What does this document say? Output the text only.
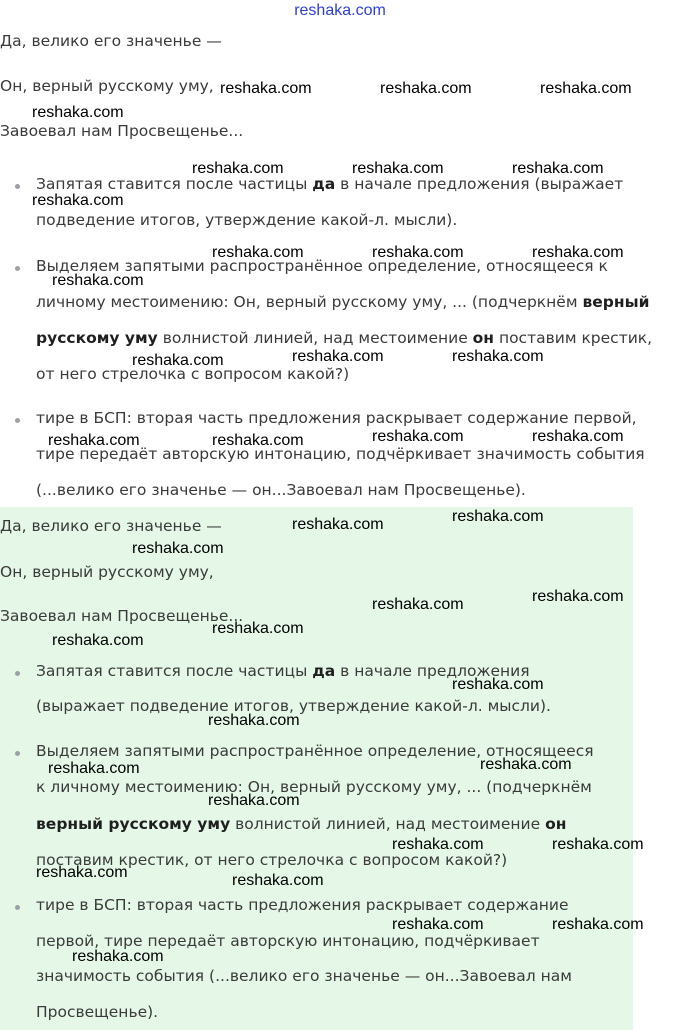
reshaka.com
Да, велико его значенье —
Он, верный русскому уму,
Завоевал нам Просвещенье...
Запятая ставится после частицы да в начале предложения (выражает
подведение итогов, утверждение какой-л. мысли).
Выделяем запятыми распространённое определение, относящееся к
личному местоимению: Он, верный русскому уму, ... (подчеркнём верный
русскому уму волнистой линией, над местоимение он поставим крестик,
от него стрелочка с вопросом какой?)
тире в БСП: вторая часть предложения раскрывает содержание первой,
тире передаёт авторскую интонацию, подчёркивает значимость события
(...велико его значенье — он...Завоевал нам Просвещенье).
Да, велико его значенье —
Он, верный русскому уму,
Завоевал нам Просвещенье...
Запятая ставится после частицы да в начале предложения
(выражает подведение итогов, утверждение какой-л. мысли).
Выделяем запятыми распространённое определение, относящееся
к личному местоимению: Он, верный русскому уму, ... (подчеркнём
верный русскому уму волнистой линией, над местоимение он
поставим крестик, от него стрелочка с вопросом какой?)
тире в БСП: вторая часть предложения раскрывает содержание
первой, тире передаёт авторскую интонацию, подчёркивает
значимость события (...велико его значенье — он...Завоевал нам
Просвещенье).
reshaka.com	reshaka.com	reshaka.com
reshaka.com
reshaka.com	reshaka.com	reshaka.com
reshaka.com
reshaka.com	reshaka.com	reshaka.com
reshaka.com
reshaka.com	reshaka.com	reshaka.com
reshaka.com	reshaka.com	reshaka.com	reshaka.com
reshaka.com	reshaka.com
reshaka.com
reshaka.com	reshaka.com
reshaka.com
reshaka.com
reshaka.com
reshaka.com
reshaka.com	reshaka.com
reshaka.com
reshaka.com	reshaka.com
reshaka.com	reshaka.com
reshaka.com	reshaka.com
reshaka.com
